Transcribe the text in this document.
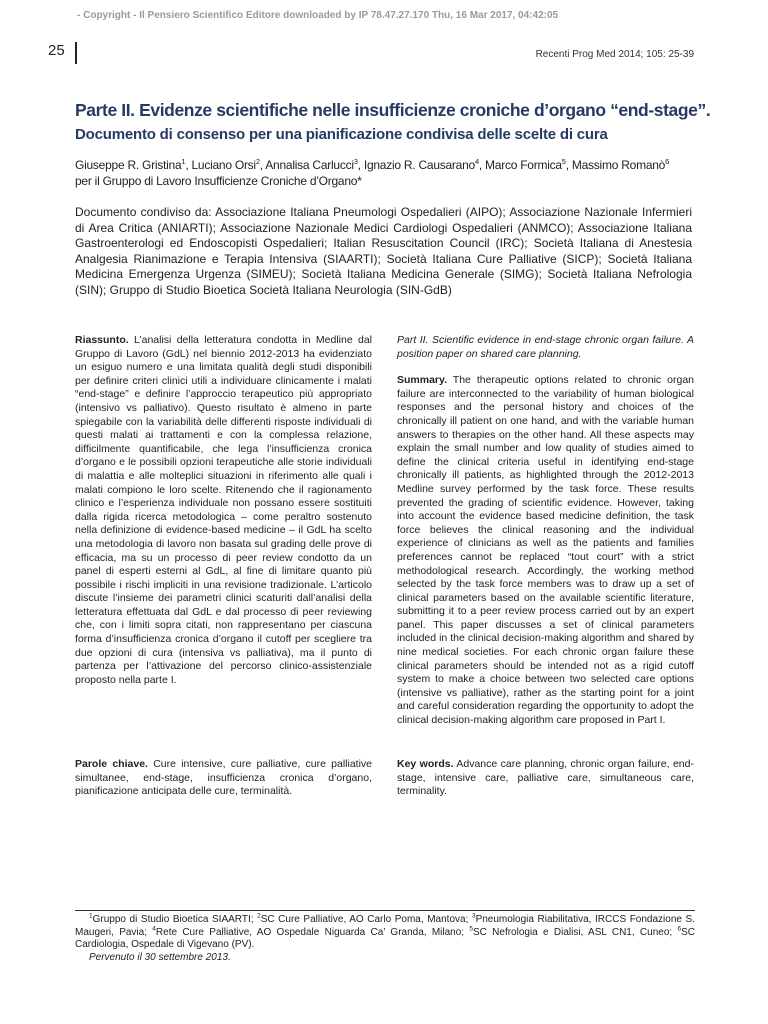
- Copyright - Il Pensiero Scientifico Editore downloaded by IP 78.47.27.170 Thu, 16 Mar 2017, 04:42:05
25	Recenti Prog Med 2014; 105: 25-39
Parte II. Evidenze scientifiche nelle insufficienze croniche d’organo “end-stage”.
Documento di consenso per una pianificazione condivisa delle scelte di cura
Giuseppe R. Gristina$^1$, Luciano Orsi$^2$, Annalisa Carlucci$^3$, Ignazio R. Causarano$^4$, Marco Formica$^5$, Massimo Romanò$^6$
per il Gruppo di Lavoro Insufficienze Croniche d’Organo*
Documento condiviso da: Associazione Italiana Pneumologi Ospedalieri (AIPO); Associazione Nazionale Infermieri di Area Critica (ANIARTI); Associazione Nazionale Medici Cardiologi Ospedalieri (ANMCO); Associazione Italiana Gastroenterologi ed Endoscopisti Ospedalieri; Italian Resuscitation Council (IRC); Società Italiana di Anestesia Analgesia Rianimazione e Terapia Intensiva (SIAARTI); Società Italiana Cure Palliative (SICP); Società Italiana Medicina Emergenza Urgenza (SIMEU); Società Italiana Medicina Generale (SIMG); Società Italiana Nefrologia (SIN); Gruppo di Studio Bioetica Società Italiana Neurologia (SIN-GdB)

Riassunto. L’analisi della letteratura condotta in Medline dal Gruppo di Lavoro (GdL) nel biennio 2012-2013 ha evidenziato un esiguo numero e una limitata qualità degli studi disponibili per definire criteri clinici utili a individuare clinicamente i malati “end-stage” e definire l’approccio terapeutico più appropriato (intensivo vs palliativo). Questo risultato è almeno in parte spiegabile con la variabilità delle differenti risposte individuali di questi malati ai trattamenti e con la complessa relazione, difficilmente quantificabile, che lega l’insufficienza cronica d’organo e le possibili opzioni terapeutiche alle storie individuali di malattia e alle molteplici situazioni in riferimento alle quali i malati compiono le loro scelte. Ritenendo che il ragionamento clinico e l’esperienza individuale non possano essere sostituiti dalla rigida ricerca metodologica – come peraltro sostenuto nella definizione di evidence-based medicine – il GdL ha scelto una metodologia di lavoro non basata sul grading delle prove di efficacia, ma su un processo di peer review condotto da un panel di esperti esterni al GdL, al fine di limitare quanto più possibile i rischi impliciti in una revisione tradizionale. L’articolo discute l’insieme dei parametri clinici scaturiti dall’analisi della letteratura effettuata dal GdL e dal processo di peer reviewing che, con i limiti sopra citati, non rappresentano per ciascuna forma d’insufficienza cronica d’organo il cutoff per scegliere tra due opzioni di cura (intensiva vs palliativa), ma il punto di partenza per l’attivazione del percorso clinico-assistenziale proposto nella parte I.

Part II. Scientific evidence in end-stage chronic organ failure. A position paper on shared care planning.

Summary. The therapeutic options related to chronic organ failure are interconnected to the variability of human biological responses and the personal history and choices of the chronically ill patient on one hand, and with the variable human answers to therapies on the other hand. All these aspects may explain the small number and low quality of studies aimed to define the clinical criteria useful in identifying end-stage chronically ill patients, as highlighted through the 2012-2013 Medline survey performed by the task force. These results prevented the grading of scientific evidence. However, taking into account the evidence based medicine definition, the task force believes the clinical reasoning and the individual experience of clinicians as well as the patients and families preferences cannot be replaced “tout court” with a strict methodological research. Accordingly, the working method selected by the task force members was to draw up a set of clinical parameters based on the available scientific literature, submitting it to a peer review process carried out by an expert panel. This paper discusses a set of clinical parameters included in the clinical decision-making algorithm and shared by nine medical societies. For each chronic organ failure these clinical parameters should be intended not as a rigid cutoff system to make a choice between two selected care options (intensive vs palliative), rather as the starting point for a joint and careful consideration regarding the opportunity to adopt the clinical decision-making algorithm care proposed in Part I.

Parole chiave. Cure intensive, cure palliative, cure palliative simultanee, end-stage, insufficienza cronica d’organo, pianificazione anticipata delle cure, terminalità.
Key words. Advance care planning, chronic organ failure, end-stage, intensive care, palliative care, simultaneous care, terminality.
$^1$Gruppo di Studio Bioetica SIAARTI; $^2$SC Cure Palliative, AO Carlo Poma, Mantova; $^3$Pneumologia Riabilitativa, IRCCS Fondazione S. Maugeri, Pavia; $^4$Rete Cure Palliative, AO Ospedale Niguarda Ca’ Granda, Milano; $^5$SC Nefrologia e Dialisi, ASL CN1, Cuneo; $^6$SC Cardiologia, Ospedale di Vigevano (PV).
Pervenuto il 30 settembre 2013.
